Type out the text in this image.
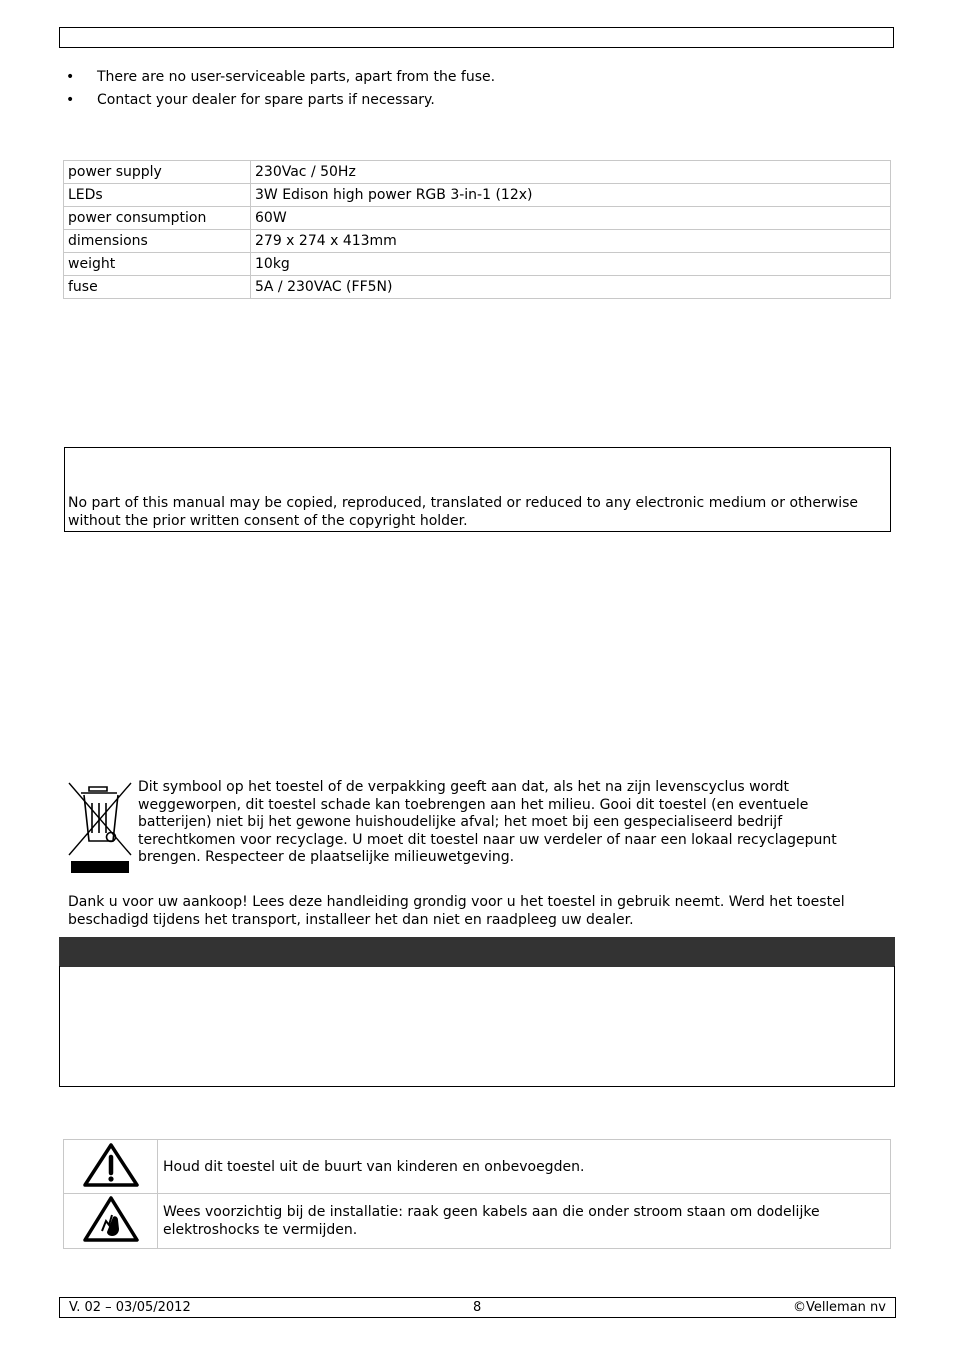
• There are no user-serviceable parts, apart from the fuse.
• Contact your dealer for spare parts if necessary.
power supply	230Vac / 50Hz
LEDs	3W Edison high power RGB 3-in-1 (12x)
power consumption	60W
dimensions	279 x 274 x 413mm
weight	10kg
fuse	5A / 230VAC (FF5N)
No part of this manual may be copied, reproduced, translated or reduced to any electronic medium or otherwise without the prior written consent of the copyright holder.
Dit symbool op het toestel of de verpakking geeft aan dat, als het na zijn levenscyclus wordt weggeworpen, dit toestel schade kan toebrengen aan het milieu. Gooi dit toestel (en eventuele batterijen) niet bij het gewone huishoudelijke afval; het moet bij een gespecialiseerd bedrijf terechtkomen voor recyclage. U moet dit toestel naar uw verdeler of naar een lokaal recyclagepunt brengen. Respecteer de plaatselijke milieuwetgeving.
Dank u voor uw aankoop! Lees deze handleiding grondig voor u het toestel in gebruik neemt. Werd het toestel beschadigd tijdens het transport, installeer het dan niet en raadpleeg uw dealer.
	Houd dit toestel uit de buurt van kinderen en onbevoegden.
	Wees voorzichtig bij de installatie: raak geen kabels aan die onder stroom staan om dodelijke elektroshocks te vermijden.
V. 02 – 03/05/2012	8	©Velleman nv
